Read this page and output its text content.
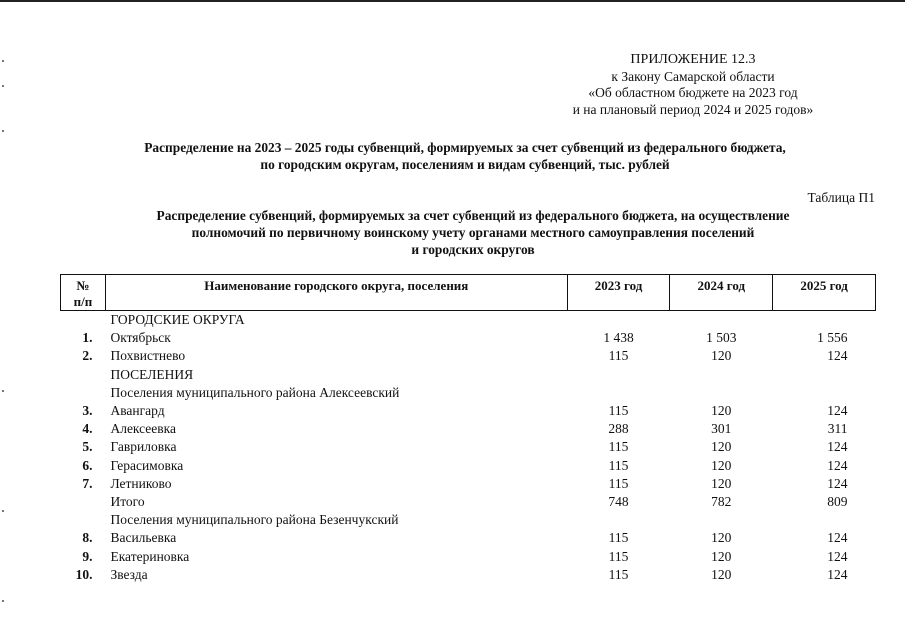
ПРИЛОЖЕНИЕ 12.3
к Закону Самарской области
«Об областном бюджете на 2023 год
и на плановый период 2024 и 2025 годов»
Распределение на 2023 – 2025 годы субвенций, формируемых за счет субвенций из федерального бюджета,
по городским округам, поселениям и видам субвенций, тыс. рублей
Таблица П1
Распределение субвенций, формируемых за счет субвенций из федерального бюджета, на осуществление
полномочий по первичному воинскому учету органами местного самоуправления поселений
и городских округов
№
п/п	Наименование городского округа, поселения	2023 год	2024 год	2025 год
	ГОРОДСКИЕ ОКРУГА			
1.	Октябрьск	1 438	1 503	1 556
2.	Похвистнево	115	120	124
	ПОСЕЛЕНИЯ			
	Поселения муниципального района Алексеевский			
3.	Авангард	115	120	124
4.	Алексеевка	288	301	311
5.	Гавриловка	115	120	124
6.	Герасимовка	115	120	124
7.	Летниково	115	120	124
	Итого	748	782	809
	Поселения муниципального района Безенчукский			
8.	Васильевка	115	120	124
9.	Екатериновка	115	120	124
10.	Звезда	115	120	124
